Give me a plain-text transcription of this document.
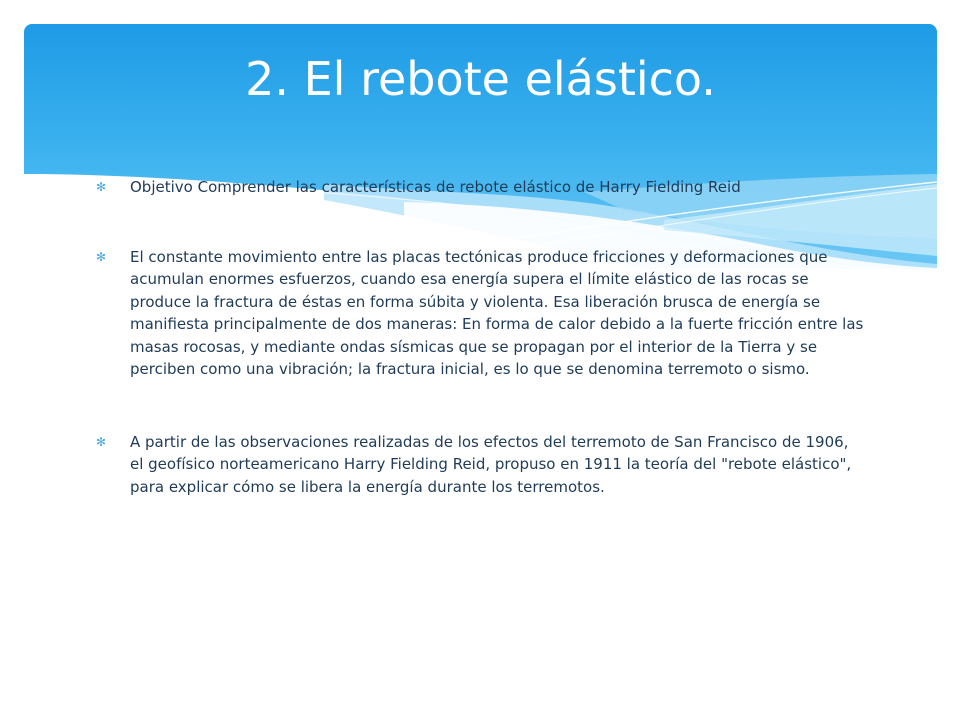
2. El rebote elástico.
✻ Objetivo Comprender las características de rebote elástico de Harry Fielding Reid
✻ El constante movimiento entre las placas tectónicas produce fricciones y deformaciones que acumulan enormes esfuerzos, cuando esa energía supera el límite elástico de las rocas se produce la fractura de éstas en forma súbita y violenta. Esa liberación brusca de energía se manifiesta principalmente de dos maneras: En forma de calor debido a la fuerte fricción entre las masas rocosas, y mediante ondas sísmicas que se propagan por el interior de la Tierra y se perciben como una vibración; la fractura inicial, es lo que se denomina terremoto o sismo.
✻ A partir de las observaciones realizadas de los efectos del terremoto de San Francisco de 1906, el geofísico norteamericano Harry Fielding Reid, propuso en 1911 la teoría del "rebote elástico", para explicar cómo se libera la energía durante los terremotos.
